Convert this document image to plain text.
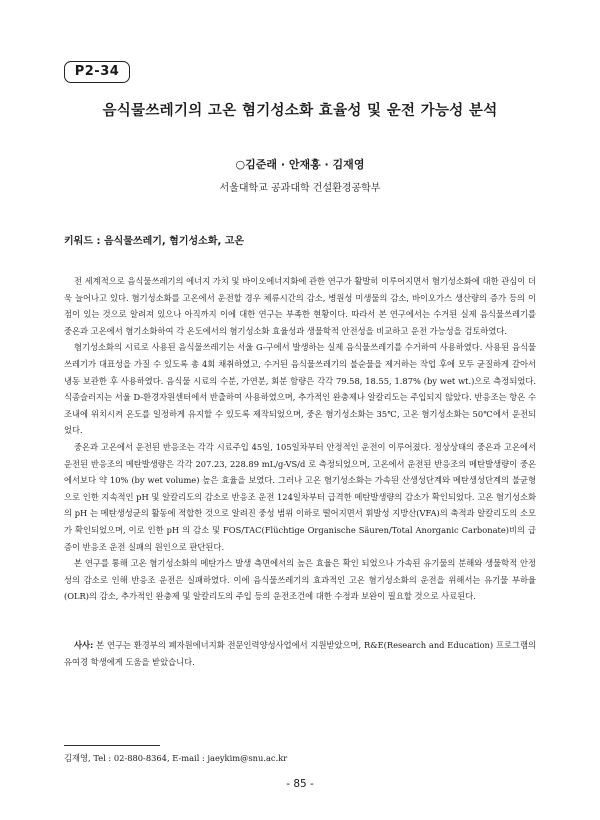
P2-34
음식물쓰레기의 고온 혐기성소화 효율성 및 운전 가능성 분석
○김준래 · 안재홍 · 김재영
서울대학교 공과대학 건설환경공학부
키워드 : 음식물쓰레기, 혐기성소화, 고온

전 세계적으로 음식물쓰레기의 에너지 가치 및 바이오에너지화에 관한 연구가 활발히 이루어지면서 혐기성소화에 대한 관심이 더욱 늘어나고 있다. 혐기성소화를 고온에서 운전할 경우 체류시간의 감소, 병원성 미생물의 감소, 바이오가스 생산량의 증가 등의 이점이 있는 것으로 알려져 있으나 아직까지 이에 대한 연구는 부족한 현황이다. 따라서 본 연구에서는 수거된 실제 음식물쓰레기를 중온과 고온에서 혐기소화하여 각 온도에서의 혐기성소화 효율성과 생물학적 안전성을 비교하고 운전 가능성을 검토하였다.

혐기성소화의 시료로 사용된 음식물쓰레기는 서울 G-구에서 발생하는 실제 음식물쓰레기를 수거하여 사용하였다. 사용된 음식물쓰레기가 대표성을 가질 수 있도록 총 4회 채취하였고, 수거된 음식물쓰레기의 불순물을 제거하는 작업 후에 모두 균질하게 갈아서 냉동 보관한 후 사용하였다. 음식물 시료의 수분, 가연분, 회분 함량은 각각 79.58, 18.55, 1.87% (by wet wt.)으로 측정되었다. 식종슬러지는 서울 D-환경자원센터에서 반출하여 사용하였으며, 추가적인 완충제나 알칼리도는 주입되지 않았다. 반응조는 항온 수조내에 위치시켜 온도를 일정하게 유지할 수 있도록 제작되었으며, 중온 혐기성소화는 35℃, 고온 혐기성소화는 50℃에서 운전되었다.

중온과 고온에서 운전된 반응조는 각각 시료주입 45일, 105일차부터 안정적인 운전이 이루어졌다. 정상상태의 중온과 고온에서 운전된 반응조의 메탄발생량은 각각 207.23, 228.89 mL/g-VS/d 로 측정되었으며, 고온에서 운전된 반응조의 메탄발생량이 중온에서보다 약 10% (by wet volume) 높은 효율을 보였다. 그러나 고온 혐기성소화는 가속된 산생성단계와 메탄생성단계의 불균형으로 인한 지속적인 pH 및 알칼리도의 감소로 반응조 운전 124일차부터 급격한 메탄발생량의 감소가 확인되었다. 고온 혐기성소화의 pH 는 메탄생성균의 활동에 적합한 것으로 알려진 중성 범위 이하로 떨어지면서 휘발성 지방산(VFA)의 축적과 알칼리도의 소모가 확인되었으며, 이로 인한 pH 의 감소 및 FOS/TAC(Flüchtige Organische Säuren/Total Anorganic Carbonate)비의 급증이 반응조 운전 실패의 원인으로 판단된다.

본 연구를 통해 고온 혐기성소화의 메탄가스 발생 측면에서의 높은 효율은 확인 되었으나 가속된 유기물의 분해와 생물학적 안정성의 감소로 인해 반응조 운전은 실패하였다. 이에 음식물쓰레기의 효과적인 고온 혐기성소화의 운전을 위해서는 유기물 부하율(OLR)의 감소, 추가적인 완충제 및 알칼리도의 주입 등의 운전조건에 대한 수정과 보완이 필요할 것으로 사료된다.

사사: 본 연구는 환경부의 폐자원에너지화 전문인력양성사업에서 지원받았으며, R&E(Research and Education) 프로그램의 유여경 학생에게 도움을 받았습니다.

김재영, Tel : 02-880-8364, E-mail : jaeykim@snu.ac.kr
- 85 -
